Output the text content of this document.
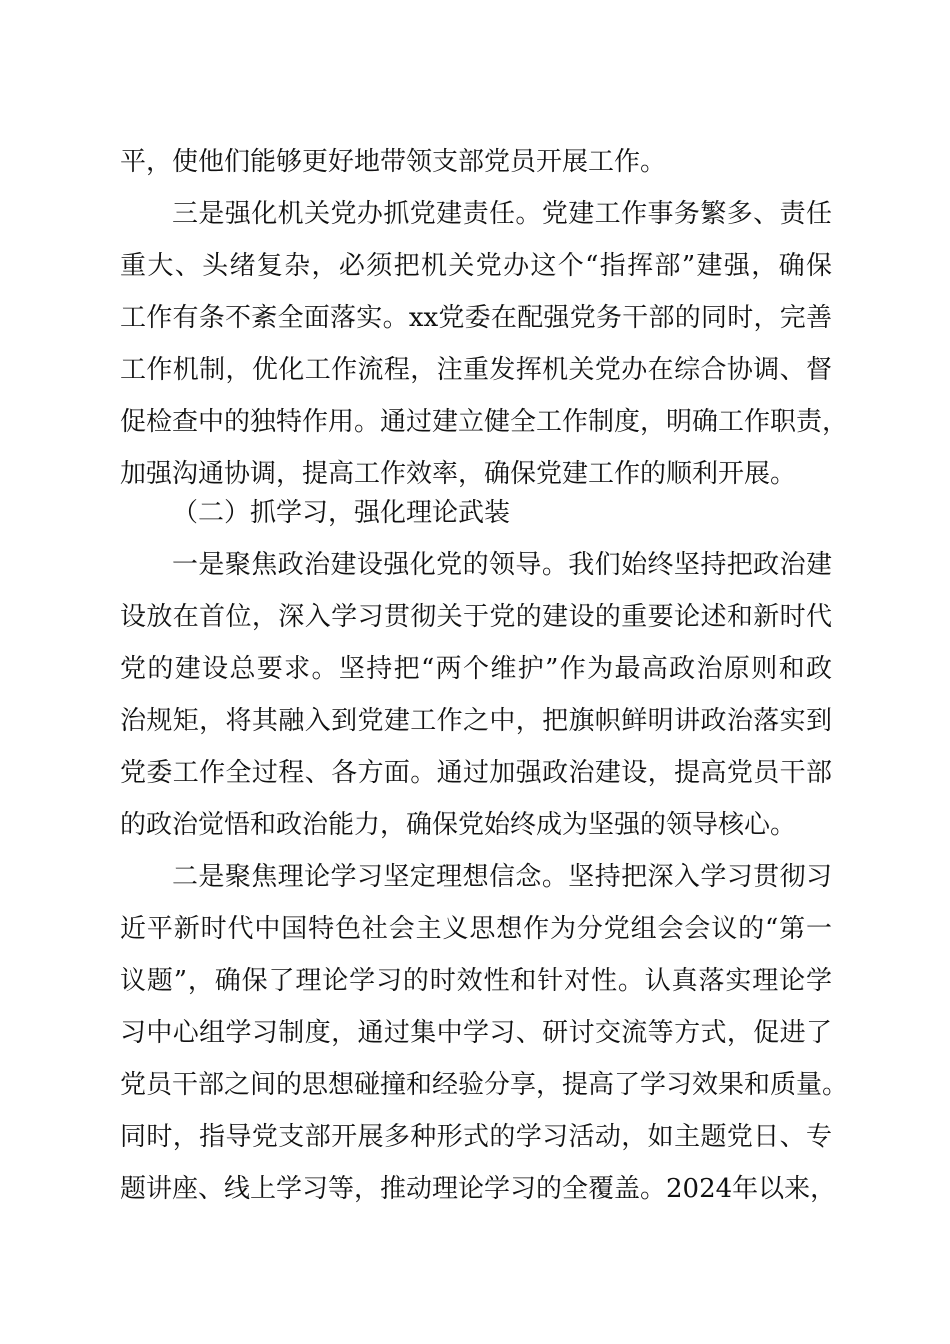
平，使他们能够更好地带领支部党员开展工作。
三是强化机关党办抓党建责任。党建工作事务繁多、责任
重大、头绪复杂，必须把机关党办这个“指挥部”建强，确保
工作有条不紊全面落实。xx党委在配强党务干部的同时，完善
工作机制，优化工作流程，注重发挥机关党办在综合协调、督
促检查中的独特作用。通过建立健全工作制度，明确工作职责，
加强沟通协调，提高工作效率，确保党建工作的顺利开展。
（二）抓学习，强化理论武装
一是聚焦政治建设强化党的领导。我们始终坚持把政治建
设放在首位，深入学习贯彻关于党的建设的重要论述和新时代
党的建设总要求。坚持把“两个维护”作为最高政治原则和政
治规矩，将其融入到党建工作之中，把旗帜鲜明讲政治落实到
党委工作全过程、各方面。通过加强政治建设，提高党员干部
的政治觉悟和政治能力，确保党始终成为坚强的领导核心。
二是聚焦理论学习坚定理想信念。坚持把深入学习贯彻习
近平新时代中国特色社会主义思想作为分党组会会议的“第一
议题”，确保了理论学习的时效性和针对性。认真落实理论学
习中心组学习制度，通过集中学习、研讨交流等方式，促进了
党员干部之间的思想碰撞和经验分享，提高了学习效果和质量。
同时，指导党支部开展多种形式的学习活动，如主题党日、专
题讲座、线上学习等，推动理论学习的全覆盖。2024年以来，
